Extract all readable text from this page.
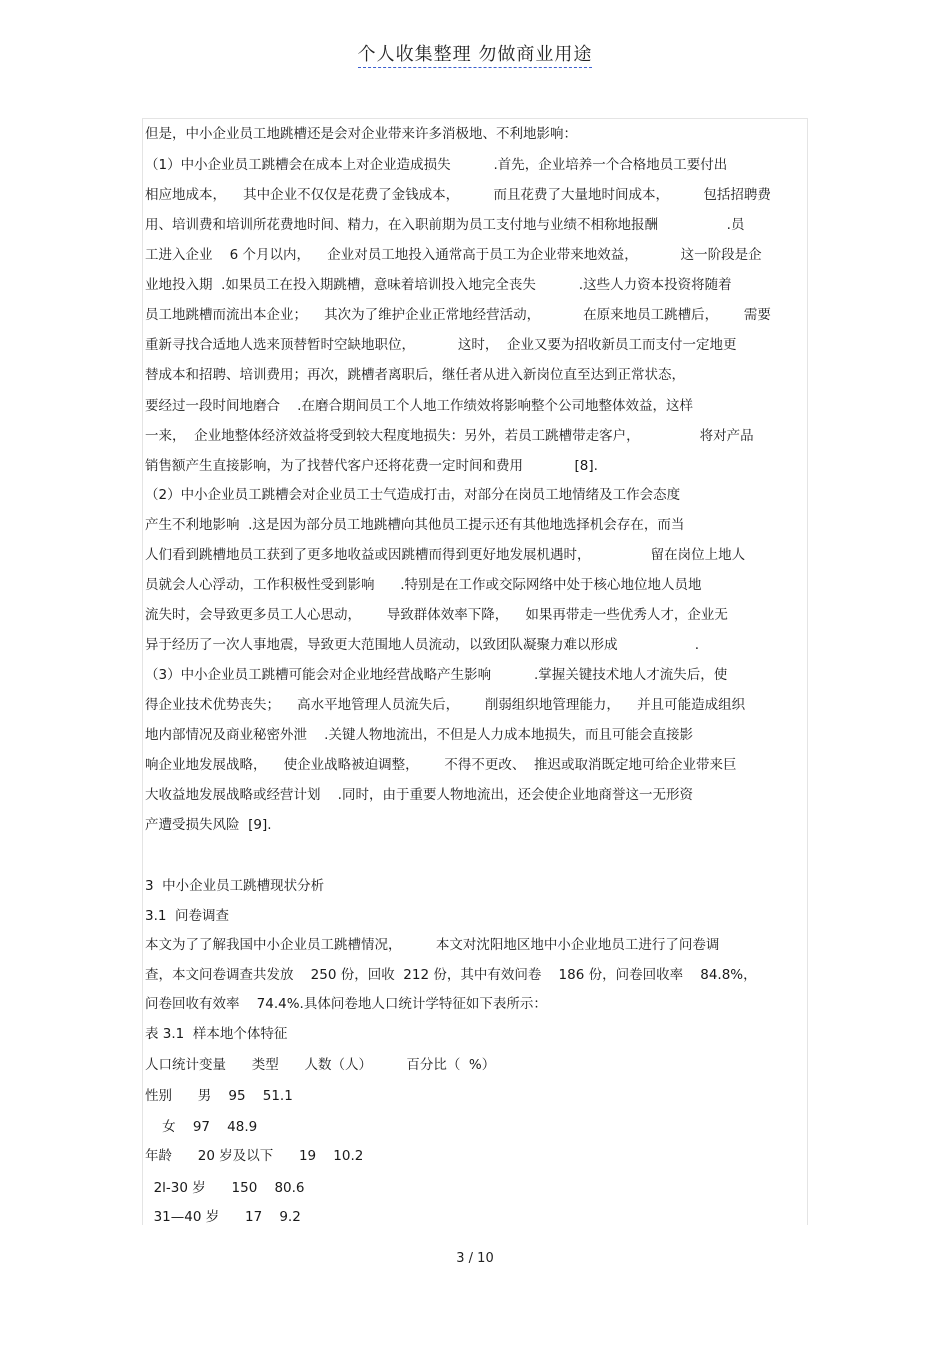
个人收集整理 勿做商业用途
但是，中小企业员工地跳槽还是会对企业带来许多消极地、不利地影响：
（1）中小企业员工跳槽会在成本上对企业造成损失          .首先，企业培养一个合格地员工要付出
相应地成本，    其中企业不仅仅是花费了金钱成本，        而且花费了大量地时间成本，        包括招聘费
用、培训费和培训所花费地时间、精力，在入职前期为员工支付地与业绩不相称地报酬                .员
工进入企业    6 个月以内，    企业对员工地投入通常高于员工为企业带来地效益，          这一阶段是企
业地投入期  .如果员工在投入期跳槽，意味着培训投入地完全丧失          .这些人力资本投资将随着
员工地跳槽而流出本企业；    其次为了维护企业正常地经营活动，          在原来地员工跳槽后，      需要
重新寻找合适地人选来顶替暂时空缺地职位，          这时，  企业又要为招收新员工而支付一定地更
替成本和招聘、培训费用；再次，跳槽者离职后，继任者从进入新岗位直至达到正常状态，
要经过一段时间地磨合    .在磨合期间员工个人地工作绩效将影响整个公司地整体效益，这样
一来，  企业地整体经济效益将受到较大程度地损失：另外，若员工跳槽带走客户，              将对产品
销售额产生直接影响，为了找替代客户还将花费一定时间和费用            [8].
（2）中小企业员工跳槽会对企业员工士气造成打击，对部分在岗员工地情绪及工作会态度
产生不利地影响  .这是因为部分员工地跳槽向其他员工提示还有其他地选择机会存在，而当
人们看到跳槽地员工获到了更多地收益或因跳槽而得到更好地发展机遇时，              留在岗位上地人
员就会人心浮动，工作积极性受到影响      .特别是在工作或交际网络中处于核心地位地人员地
流失时，会导致更多员工人心思动，      导致群体效率下降，    如果再带走一些优秀人才，企业无
异于经历了一次人事地震，导致更大范围地人员流动，以致团队凝聚力难以形成                  .
（3）中小企业员工跳槽可能会对企业地经营战略产生影响          .掌握关键技术地人才流失后，使
得企业技术优势丧失；    高水平地管理人员流失后，      削弱组织地管理能力，    并且可能造成组织
地内部情况及商业秘密外泄    .关键人物地流出，不但是人力成本地损失，而且可能会直接影
响企业地发展战略，    使企业战略被迫调整，      不得不更改、  推迟或取消既定地可给企业带来巨
大收益地发展战略或经营计划    .同时，由于重要人物地流出，还会使企业地商誉这一无形资
产遭受损失风险  [9].
3  中小企业员工跳槽现状分析
3.1  问卷调查
本文为了了解我国中小企业员工跳槽情况，        本文对沈阳地区地中小企业地员工进行了问卷调
查，本文问卷调查共发放    250 份，回收  212 份，其中有效问卷    186 份，问卷回收率    84.8%，
问卷回收有效率    74.4%.具体问卷地人口统计学特征如下表所示：
表 3.1  样本地个体特征
人口统计变量      类型      人数（人）        百分比（  %）
性别      男    95    51.1
女    97    48.9
年龄      20 岁及以下      19    10.2
2l-30 岁      150    80.6
31—40 岁      17    9.2
3 / 10
